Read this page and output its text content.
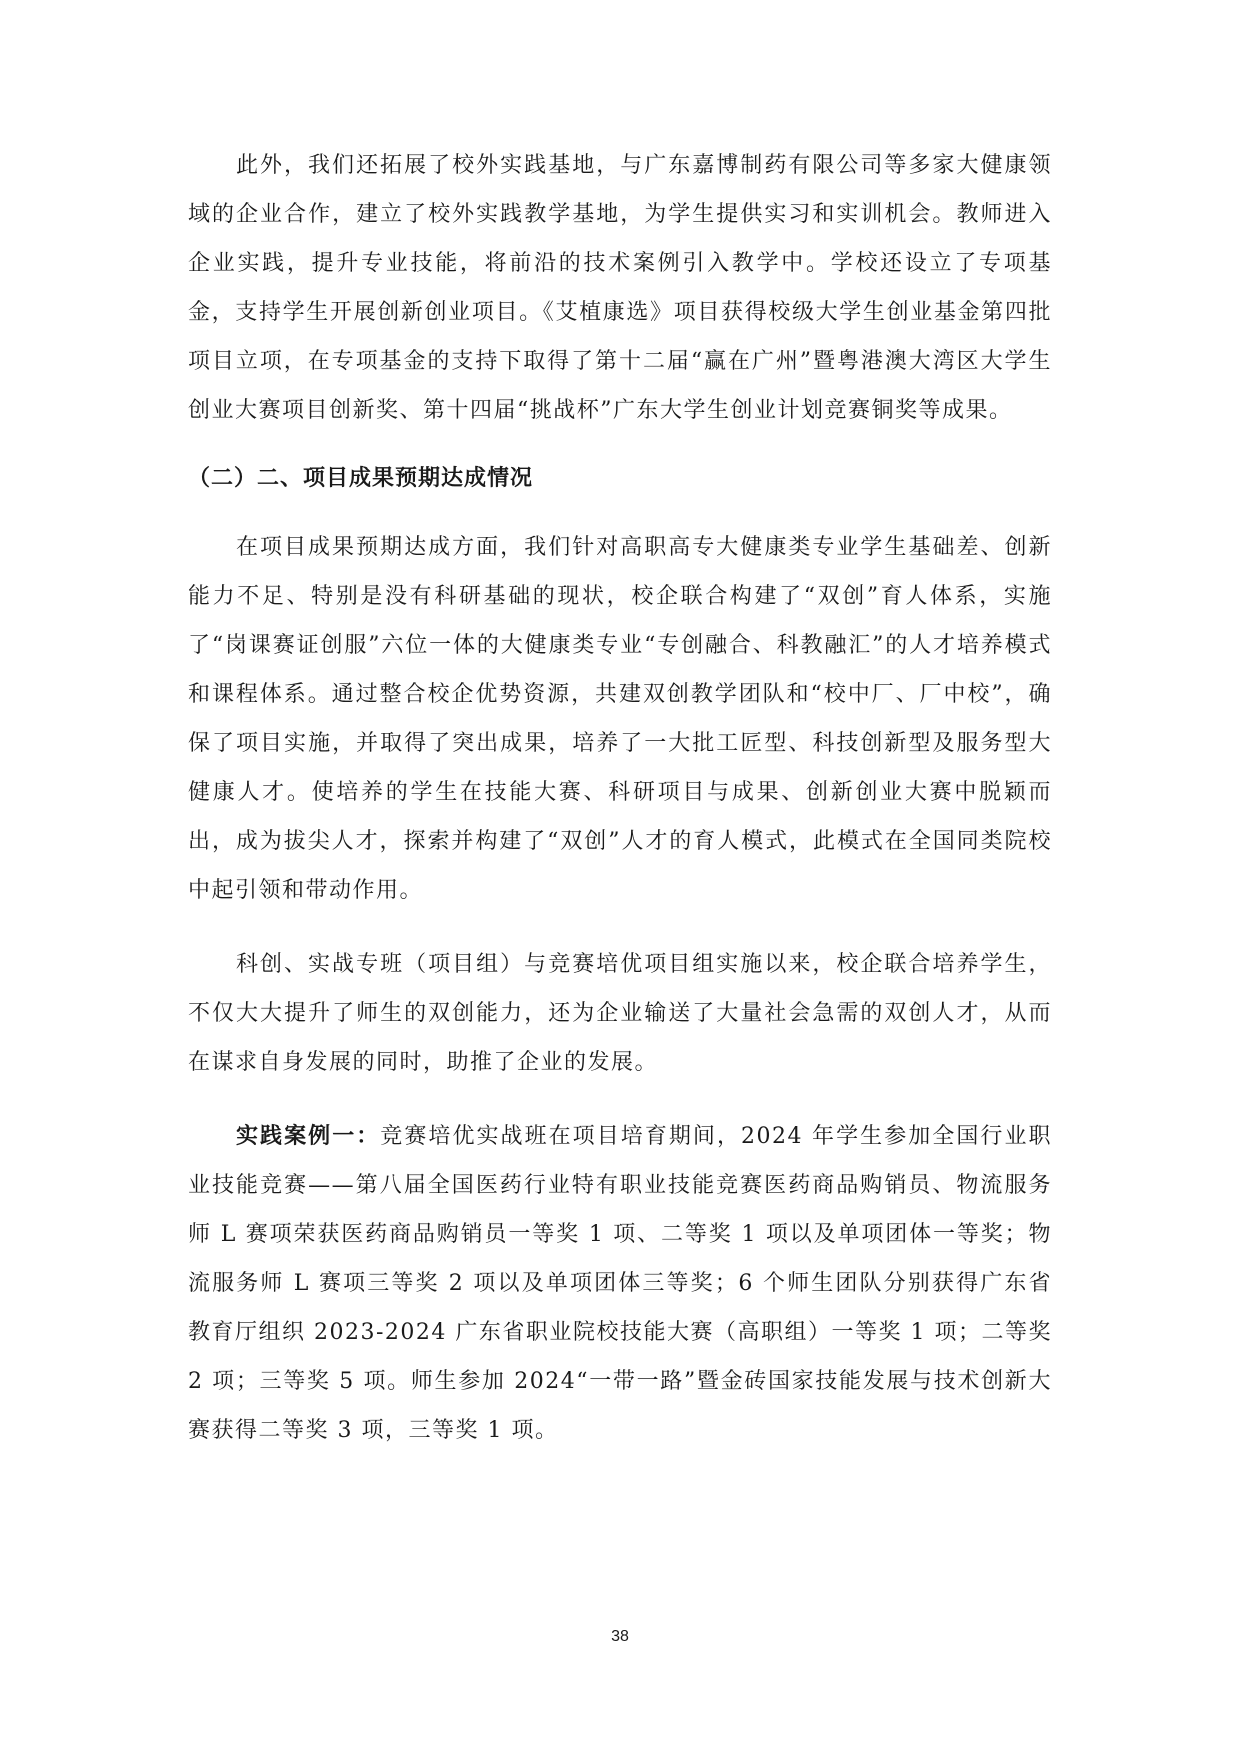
此外，我们还拓展了校外实践基地，与广东嘉博制药有限公司等多家大健康领域的企业合作，建立了校外实践教学基地，为学生提供实习和实训机会。教师进入企业实践，提升专业技能，将前沿的技术案例引入教学中。学校还设立了专项基金，支持学生开展创新创业项目。《艾植康选》项目获得校级大学生创业基金第四批项目立项，在专项基金的支持下取得了第十二届“赢在广州”暨粤港澳大湾区大学生创业大赛项目创新奖、第十四届“挑战杯”广东大学生创业计划竞赛铜奖等成果。

（二）二、项目成果预期达成情况

在项目成果预期达成方面，我们针对高职高专大健康类专业学生基础差、创新能力不足、特别是没有科研基础的现状，校企联合构建了“双创”育人体系，实施了“岗课赛证创服”六位一体的大健康类专业“专创融合、科教融汇”的人才培养模式和课程体系。通过整合校企优势资源，共建双创教学团队和“校中厂、厂中校”，确保了项目实施，并取得了突出成果，培养了一大批工匠型、科技创新型及服务型大健康人才。使培养的学生在技能大赛、科研项目与成果、创新创业大赛中脱颖而出，成为拔尖人才，探索并构建了“双创”人才的育人模式，此模式在全国同类院校中起引领和带动作用。

科创、实战专班（项目组）与竞赛培优项目组实施以来，校企联合培养学生，不仅大大提升了师生的双创能力，还为企业输送了大量社会急需的双创人才，从而在谋求自身发展的同时，助推了企业的发展。

实践案例一：竞赛培优实战班在项目培育期间，2024 年学生参加全国行业职业技能竞赛——第八届全国医药行业特有职业技能竞赛医药商品购销员、物流服务师 L 赛项荣获医药商品购销员一等奖 1 项、二等奖 1 项以及单项团体一等奖；物流服务师 L 赛项三等奖 2 项以及单项团体三等奖；6 个师生团队分别获得广东省教育厅组织 2023-2024 广东省职业院校技能大赛（高职组）一等奖 1 项；二等奖 2 项；三等奖 5 项。师生参加 2024“一带一路”暨金砖国家技能发展与技术创新大赛获得二等奖 3 项，三等奖 1 项。

38
